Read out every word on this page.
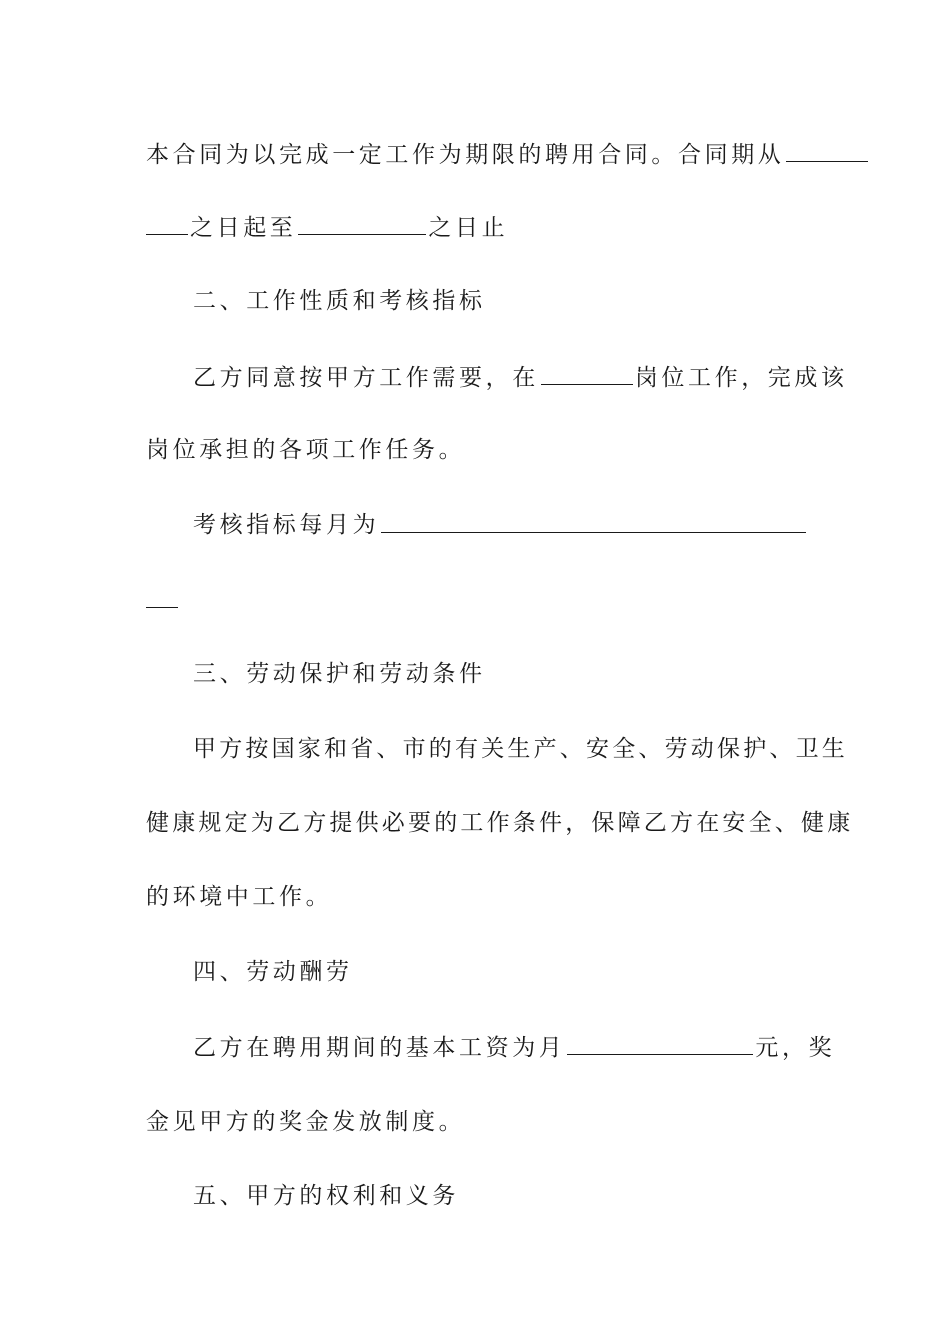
本合同为以完成一定工作为期限的聘用合同。合同期从
之日起至	之日止
二、工作性质和考核指标
乙方同意按甲方工作需要，在	岗位工作，完成该
岗位承担的各项工作任务。
考核指标每月为
三、劳动保护和劳动条件
甲方按国家和省、市的有关生产、安全、劳动保护、卫生
健康规定为乙方提供必要的工作条件，保障乙方在安全、健康
的环境中工作。
四、劳动酬劳
乙方在聘用期间的基本工资为月	元，奖
金见甲方的奖金发放制度。
五、甲方的权利和义务
